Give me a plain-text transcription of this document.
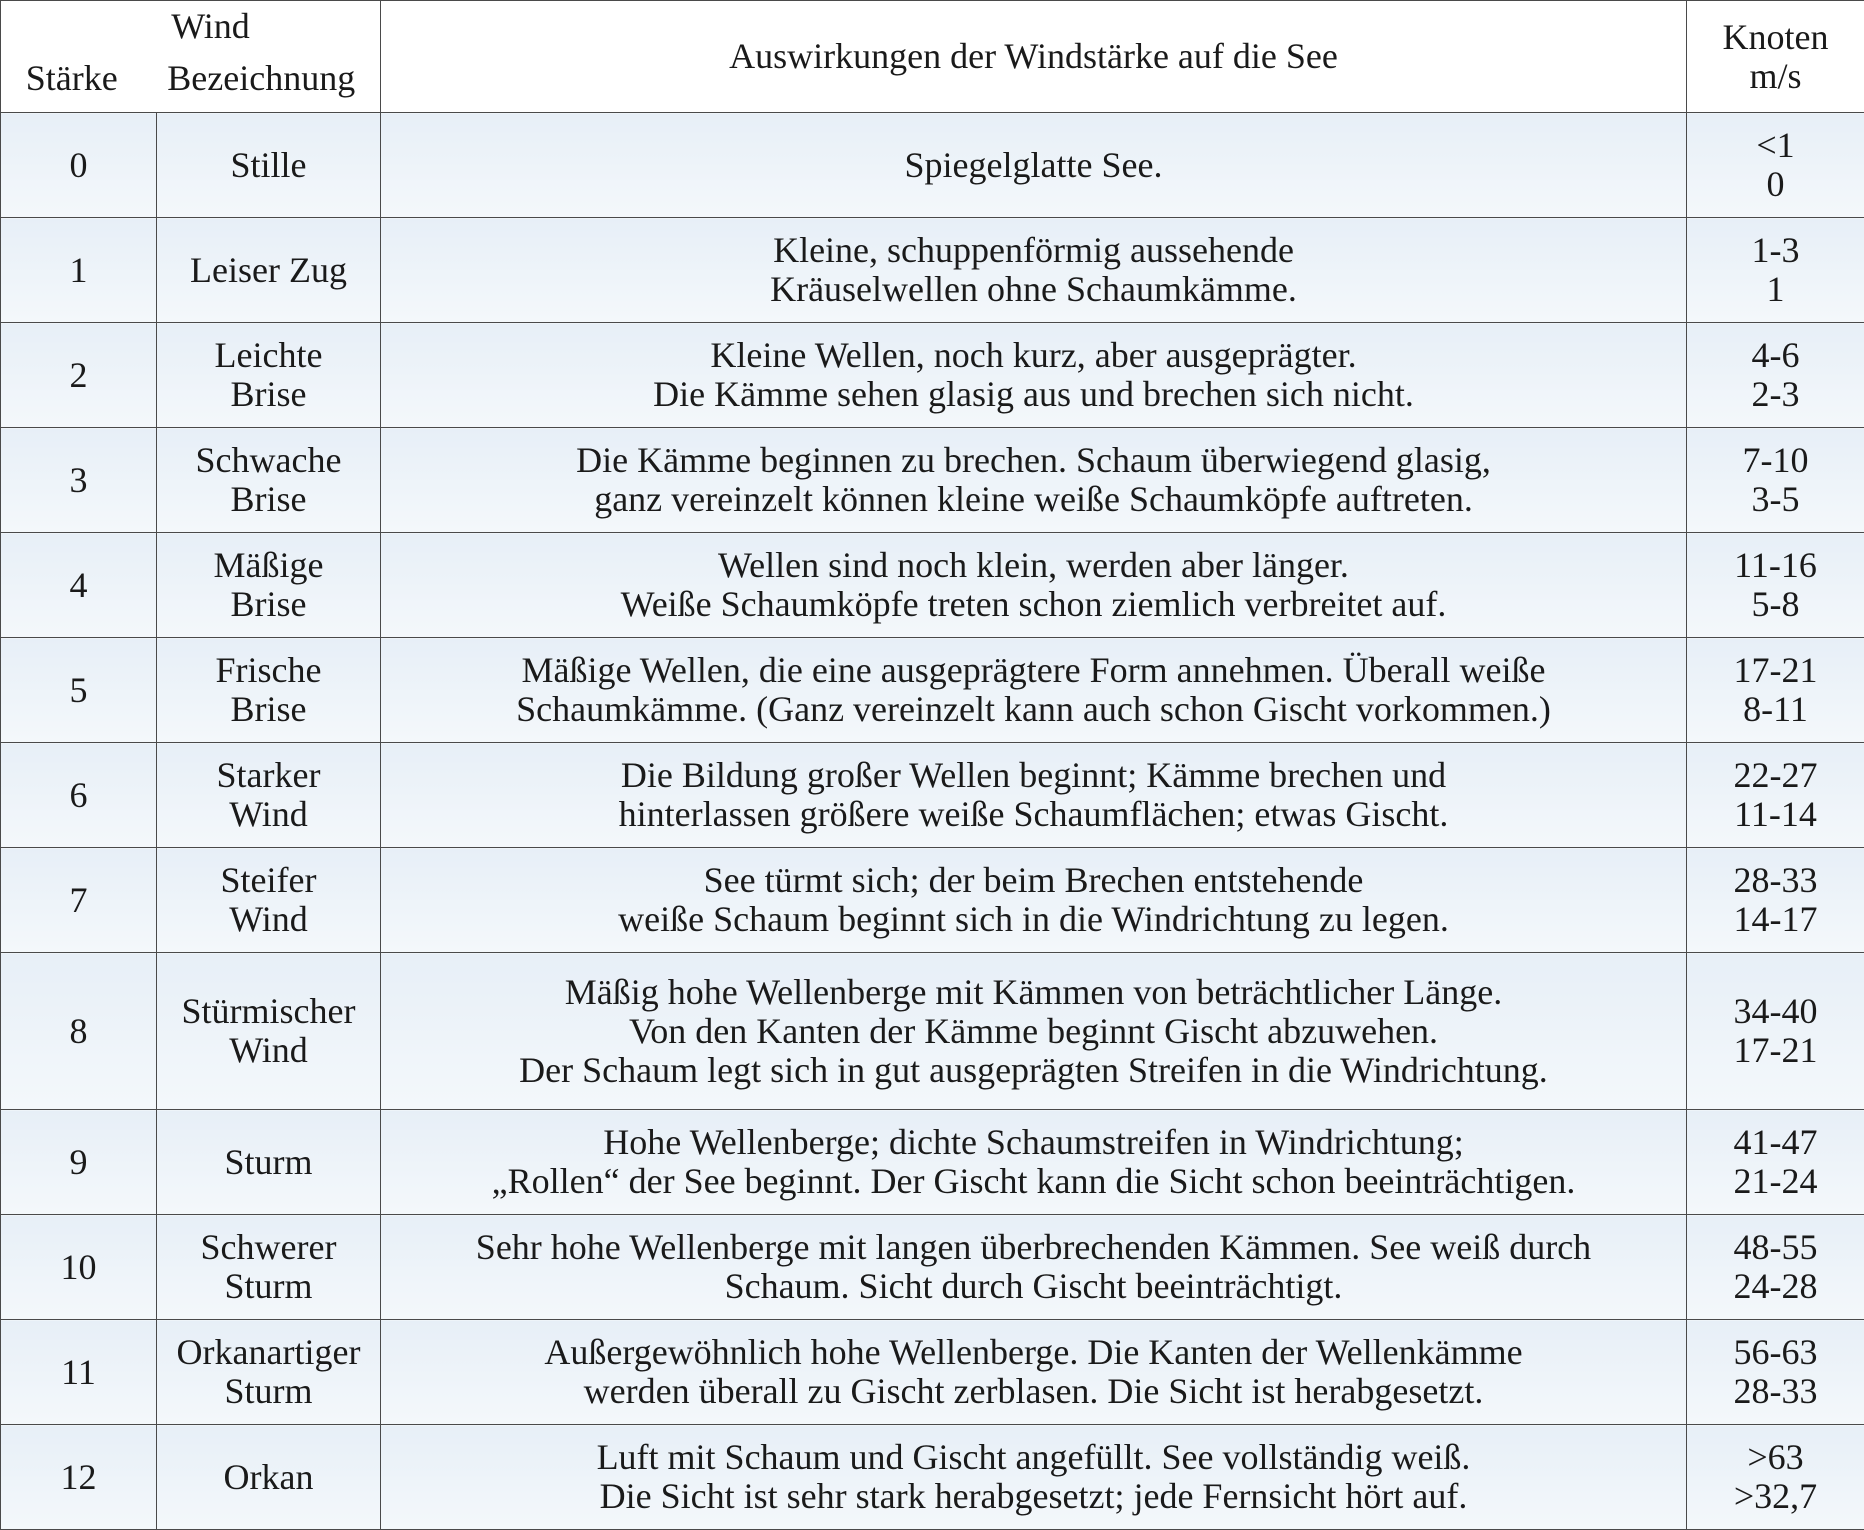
Wind
Stärke Bezeichnung		Auswirkungen der Windstärke auf die See	Knoten
m/s

0	Stille	Spiegelglatte See.	<1
0

1	Leiser Zug	Kleine, schuppenförmig aussehende
Kräuselwellen ohne Schaumkämme.	1-3
1

2	Leichte
Brise	Kleine Wellen, noch kurz, aber ausgeprägter.
Die Kämme sehen glasig aus und brechen sich nicht.	4-6
2-3

3	Schwache
Brise	Die Kämme beginnen zu brechen. Schaum überwiegend glasig,
ganz vereinzelt können kleine weiße Schaumköpfe auftreten.	7-10
3-5

4	Mäßige
Brise	Wellen sind noch klein, werden aber länger.
Weiße Schaumköpfe treten schon ziemlich verbreitet auf.	11-16
5-8

5	Frische
Brise	Mäßige Wellen, die eine ausgeprägtere Form annehmen. Überall weiße
Schaumkämme. (Ganz vereinzelt kann auch schon Gischt vorkommen.)	17-21
8-11

6	Starker
Wind	Die Bildung großer Wellen beginnt; Kämme brechen und
hinterlassen größere weiße Schaumflächen; etwas Gischt.	22-27
11-14

7	Steifer
Wind	See türmt sich; der beim Brechen entstehende
weiße Schaum beginnt sich in die Windrichtung zu legen.	28-33
14-17

8	Stürmischer
Wind	Mäßig hohe Wellenberge mit Kämmen von beträchtlicher Länge.
Von den Kanten der Kämme beginnt Gischt abzuwehen.
Der Schaum legt sich in gut ausgeprägten Streifen in die Windrichtung.	34-40
17-21

9	Sturm	Hohe Wellenberge; dichte Schaumstreifen in Windrichtung;
„Rollen“ der See beginnt. Der Gischt kann die Sicht schon beeinträchtigen.	41-47
21-24

10	Schwerer
Sturm	Sehr hohe Wellenberge mit langen überbrechenden Kämmen. See weiß durch
Schaum. Sicht durch Gischt beeinträchtigt.	48-55
24-28

11	Orkanartiger
Sturm	Außergewöhnlich hohe Wellenberge. Die Kanten der Wellenkämme
werden überall zu Gischt zerblasen. Die Sicht ist herabgesetzt.	56-63
28-33

12	Orkan	Luft mit Schaum und Gischt angefüllt. See vollständig weiß.
Die Sicht ist sehr stark herabgesetzt; jede Fernsicht hört auf.	>63
>32,7
